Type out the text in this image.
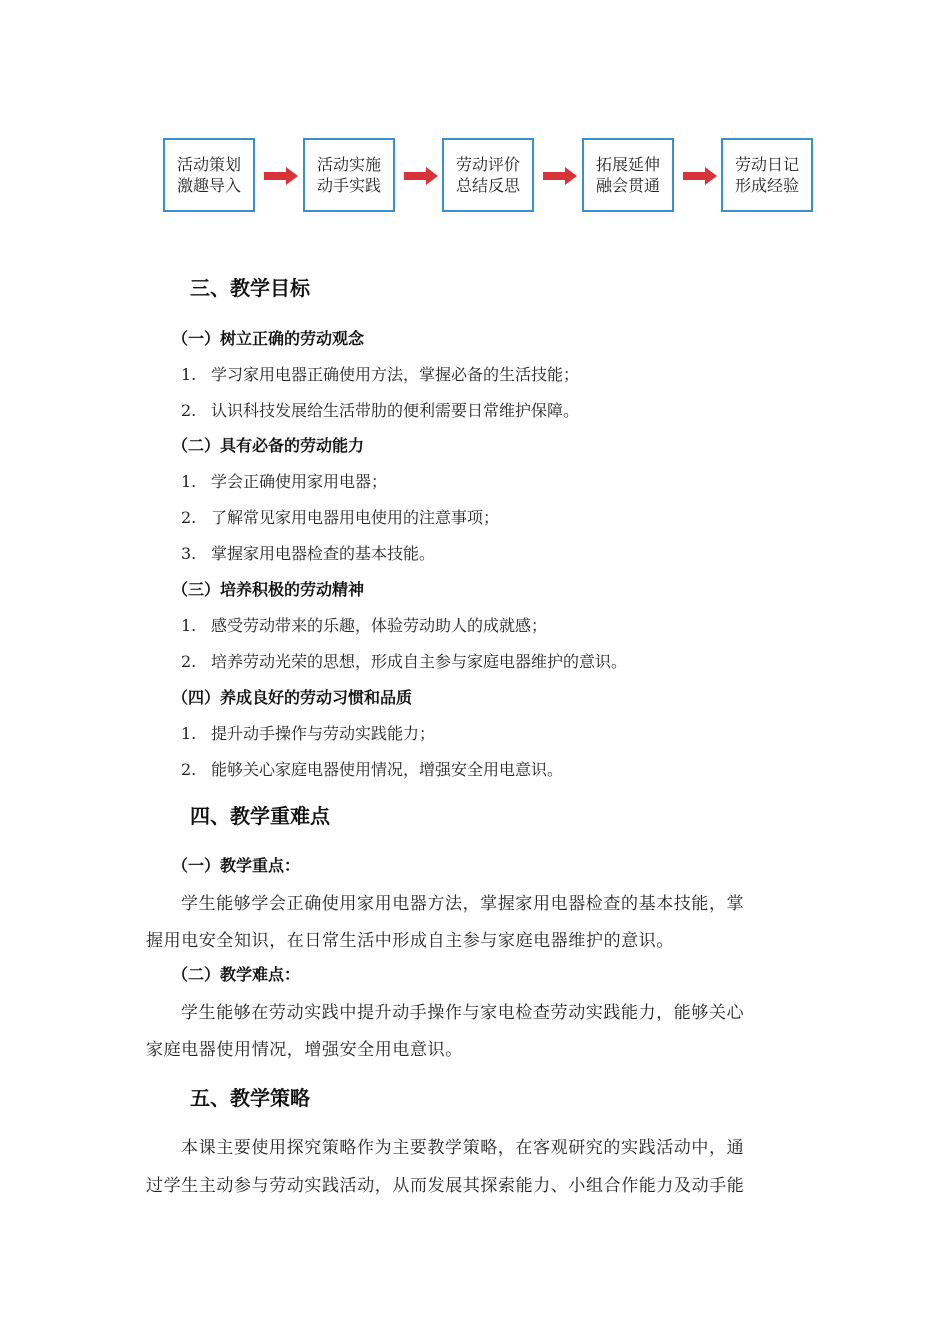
活动策划
激趣导入
活动实施
动手实践
劳动评价
总结反思
拓展延伸
融会贯通
劳动日记
形成经验
三、教学目标
（一）树立正确的劳动观念
1. 学习家用电器正确使用方法，掌握必备的生活技能；
2. 认识科技发展给生活带肋的便利需要日常维护保障。
（二）具有必备的劳动能力
1. 学会正确使用家用电器；
2. 了解常见家用电器用电使用的注意事项；
3. 掌握家用电器检查的基本技能。
（三）培养积极的劳动精神
1. 感受劳动带来的乐趣，体验劳动助人的成就感；
2. 培养劳动光荣的思想，形成自主参与家庭电器维护的意识。
（四）养成良好的劳动习惯和品质
1. 提升动手操作与劳动实践能力；
2. 能够关心家庭电器使用情况，增强安全用电意识。
四、教学重难点
（一）教学重点：
学生能够学会正确使用家用电器方法，掌握家用电器检查的基本技能，掌
握用电安全知识，在日常生活中形成自主参与家庭电器维护的意识。
（二）教学难点：
学生能够在劳动实践中提升动手操作与家电检查劳动实践能力，能够关心
家庭电器使用情况，增强安全用电意识。
五、教学策略
本课主要使用探究策略作为主要教学策略，在客观研究的实践活动中，通
过学生主动参与劳动实践活动，从而发展其探索能力、小组合作能力及动手能
